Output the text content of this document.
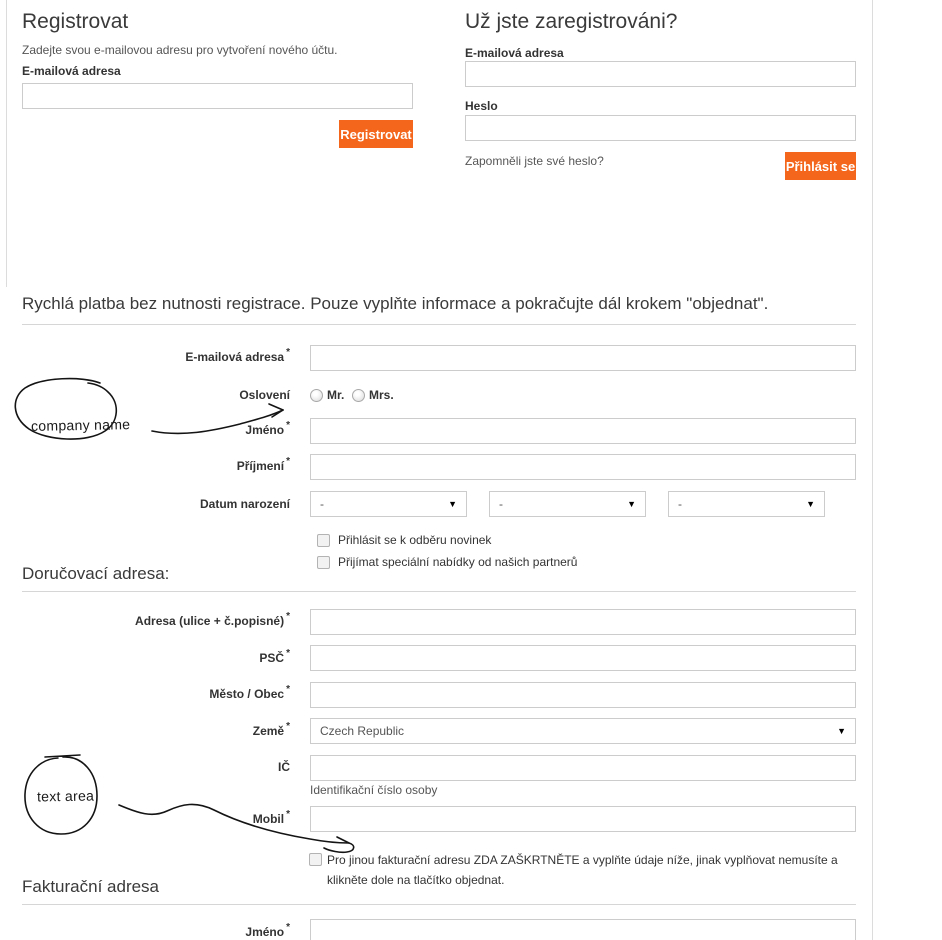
Registrovat
Zadejte svou e-mailovou adresu pro vytvoření nového účtu.
E-mailová adresa
Registrovat
Už jste zaregistrováni?
E-mailová adresa
Heslo
Zapomněli jste své heslo?	Přihlásit se
Rychlá platba bez nutnosti registrace. Pouze vyplňte informace a pokračujte dál krokem "objednat".
E-mailová adresa *
Oslovení	Mr. Mrs.
Jméno *
Příjmení *
Datum narození	-	▼	-	▼	-	▼
Přihlásit se k odběru novinek
Přijímat speciální nabídky od našich partnerů
Doručovací adresa:
Adresa (ulice + č.popisné) *
PSČ *
Město / Obec *
Země *	Czech Republic	▼
IČ
Identifikační číslo osoby
Mobil *
Pro jinou fakturační adresu ZDA ZAŠKRTNĚTE a vyplňte údaje níže, jinak vyplňovat nemusíte a klikněte dole na tlačítko objednat.
Fakturační adresa
Jméno *
company name
text area
